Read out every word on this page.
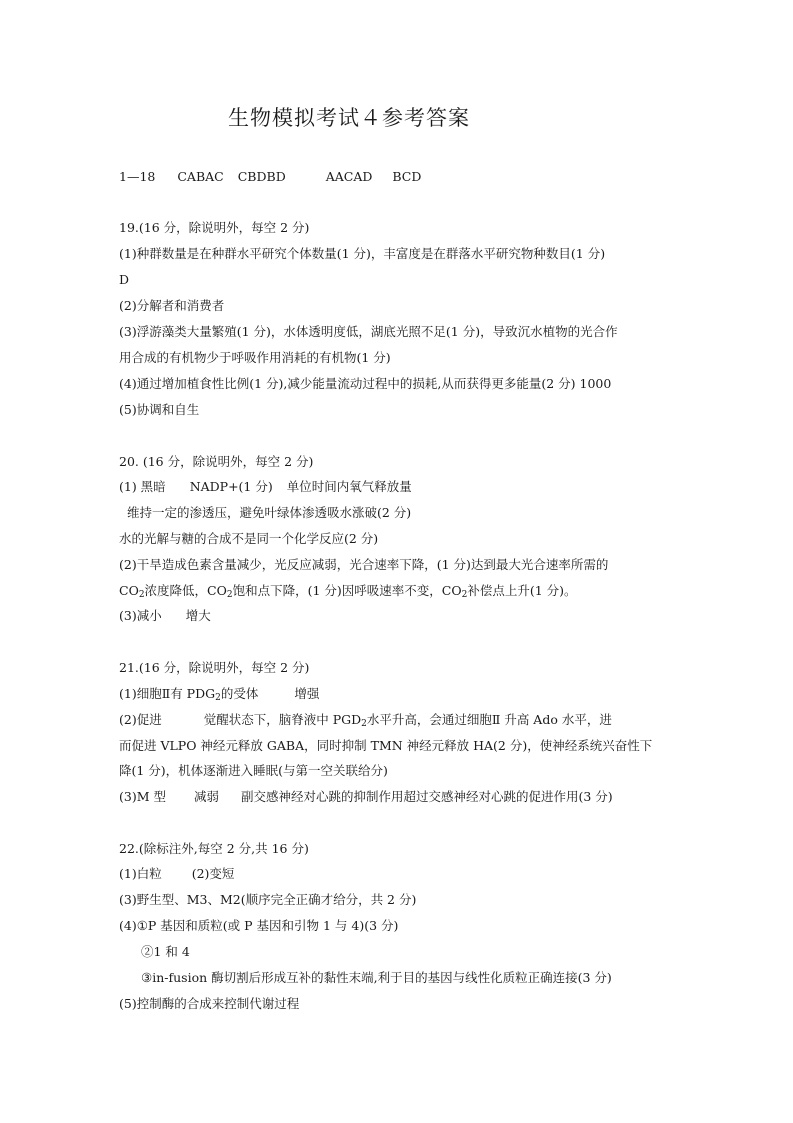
生物模拟考试４参考答案
1—18 CABAC CBDBD	AACAD BCD
19.(16 分，除说明外，每空 2 分)
(1)种群数量是在种群水平研究个体数量(1 分)，丰富度是在群落水平研究物种数目(1 分)
D
(2)分解者和消费者
(3)浮游藻类大量繁殖(1 分)，水体透明度低，湖底光照不足(1 分)，导致沉水植物的光合作
用合成的有机物少于呼吸作用消耗的有机物(1 分)
(4)通过增加植食性比例(1 分),减少能量流动过程中的损耗,从而获得更多能量(2 分) 1000
(5)协调和自生
20. (16 分，除说明外，每空 2 分)
(1) 黑暗 NADP+(1 分) 单位时间内氧气释放量
维持一定的渗透压，避免叶绿体渗透吸水涨破(2 分)
水的光解与糖的合成不是同一个化学反应(2 分)
(2)干旱造成色素含量减少，光反应减弱，光合速率下降，(1 分)达到最大光合速率所需的
$CO_2$浓度降低，$CO_2$饱和点下降，(1 分)因呼吸速率不变，$CO_2$补偿点上升(1 分)。
(3)减小 增大
21.(16 分，除说明外，每空 2 分)
(1)细胞Ⅱ有 $PDG_2$的受体	增强
(2)促进	觉醒状态下，脑脊液中 $PGD_2$水平升高，会通过细胞Ⅱ 升高 Ado 水平，进
而促进 VLPO 神经元释放 GABA，同时抑制 TMN 神经元释放 HA(2 分)，使神经系统兴奋性下
降(1 分)，机体逐渐进入睡眠(与第一空关联给分)
(3)M 型 减弱 副交感神经对心跳的抑制作用超过交感神经对心跳的促进作用(3 分)
22.(除标注外,每空 2 分,共 16 分)
(1)白粒 (2)变短
(3)野生型、M3、M2(顺序完全正确才给分，共 2 分)
(4)①P 基因和质粒(或 P 基因和引物 1 与 4)(3 分)
②1 和 4
③in-fusion 酶切割后形成互补的黏性末端,利于目的基因与线性化质粒正确连接(3 分)
(5)控制酶的合成来控制代谢过程
